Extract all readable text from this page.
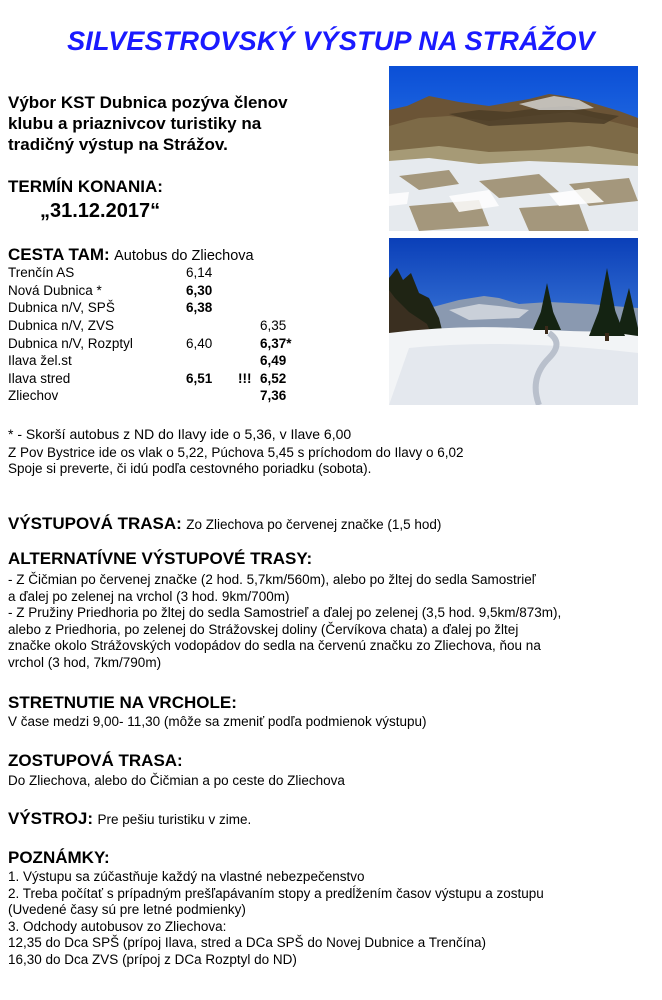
SILVESTROVSKÝ VÝSTUP NA STRÁŽOV
Výbor KST Dubnica pozýva členov
klubu a priaznivcov turistiky na
tradičný výstup na Strážov.
TERMÍN KONANIA:
„31.12.2017“
CESTA TAM: Autobus do Zliechova
Trenčín AS	6,14		
Nová Dubnica *	6,30		
Dubnica n/V, SPŠ	6,38		
Dubnica n/V, ZVS			6,35
Dubnica n/V, Rozptyl	6,40		6,37*
Ilava žel.st			6,49
Ilava stred	6,51	!!!	6,52
Zliechov			7,36
* - Skorší autobus z ND do Ilavy ide o 5,36, v Ilave 6,00
Z Pov Bystrice ide os vlak o 5,22, Púchova 5,45 s príchodom do Ilavy o 6,02
Spoje si preverte, či idú podľa cestovného poriadku (sobota).
VÝSTUPOVÁ TRASA: Zo Zliechova po červenej značke (1,5 hod)
ALTERNATÍVNE VÝSTUPOVÉ TRASY:
- Z Čičmian po červenej značke (2 hod. 5,7km/560m), alebo po žltej do sedla Samostrieľ
a ďalej po zelenej na vrchol (3 hod. 9km/700m)
- Z Pružiny Priedhoria po žltej do sedla Samostrieľ a ďalej po zelenej (3,5 hod. 9,5km/873m),
alebo z Priedhoria, po zelenej do Strážovskej doliny (Červíkova chata) a ďalej po žltej
značke okolo Strážovských vodopádov do sedla na červenú značku zo Zliechova, ňou na
vrchol (3 hod, 7km/790m)
STRETNUTIE NA VRCHOLE:
V čase medzi 9,00- 11,30 (môže sa zmeniť podľa podmienok výstupu)
ZOSTUPOVÁ TRASA:
Do Zliechova, alebo do Čičmian a po ceste do Zliechova
VÝSTROJ: Pre pešiu turistiku v zime.
POZNÁMKY:
1. Výstupu sa zúčastňuje každý na vlastné nebezpečenstvo
2. Treba počítať s prípadným prešľapávaním stopy a predĺžením časov výstupu a zostupu
(Uvedené časy sú pre letné podmienky)
3. Odchody autobusov zo Zliechova:
12,35 do Dca SPŠ (prípoj Ilava, stred a DCa SPŠ do Novej Dubnice a Trenčína)
16,30 do Dca ZVS (prípoj z DCa Rozptyl do ND)
